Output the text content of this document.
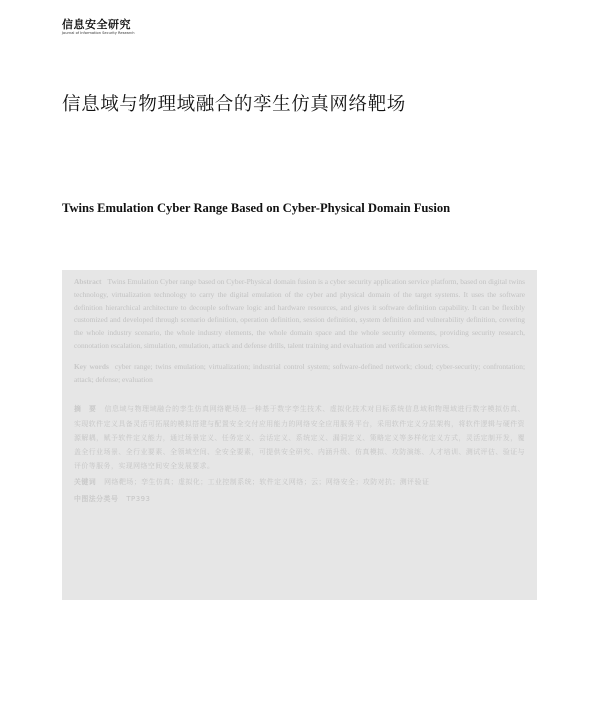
信息安全研究
Journal of Information Security Research
信息域与物理域融合的孪生仿真网络靶场
Twins Emulation Cyber Range Based on Cyber-Physical Domain Fusion

Abstract Twins Emulation Cyber range based on Cyber-Physical domain fusion is a cyber security application service platform, based on digital twins technology, virtualization technology to carry the digital emulation of the cyber and physical domain of the target systems. It uses the software definition hierarchical architecture to decouple software logic and hardware resources, and gives it software definition capability. It can be flexibly customized and developed through scenario definition, operation definition, session definition, system definition and vulnerability definition, covering the whole industry scenario, the whole industry elements, the whole domain space and the whole security elements, providing security research, connotation escalation, simulation, emulation, attack and defense drills, talent training and evaluation and verification services.

Key words cyber range; twins emulation; virtualization; industrial control system; software-defined network; cloud; cyber-security; confrontation; attack; defense; evaluation

摘　要 信息域与物理域融合的孪生仿真网络靶场是一种基于数字孪生技术、虚拟化技术对目标系统信息域和物理域进行数字模拟仿真、实现软件定义具备灵活可拓展的模拟搭建与配置安全交付应用能力的网络安全应用服务平台，采用软件定义分层架构，将软件逻辑与硬件资源解耦，赋予软件定义能力，通过场景定义、任务定义、会话定义、系统定义、漏洞定义、策略定义等多样化定义方式，灵活定制开发，覆盖全行业场景、全行业要素、全领域空间、全安全要素，可提供安全研究、内涵升级、仿真模拟、攻防演练、人才培训、测试评估、验证与评价等服务，实现网络空间安全发展要求。

关键词 网络靶场；孪生仿真；虚拟化；工业控制系统；软件定义网络；云；网络安全；攻防对抗；测评验证

中图法分类号 TP393
